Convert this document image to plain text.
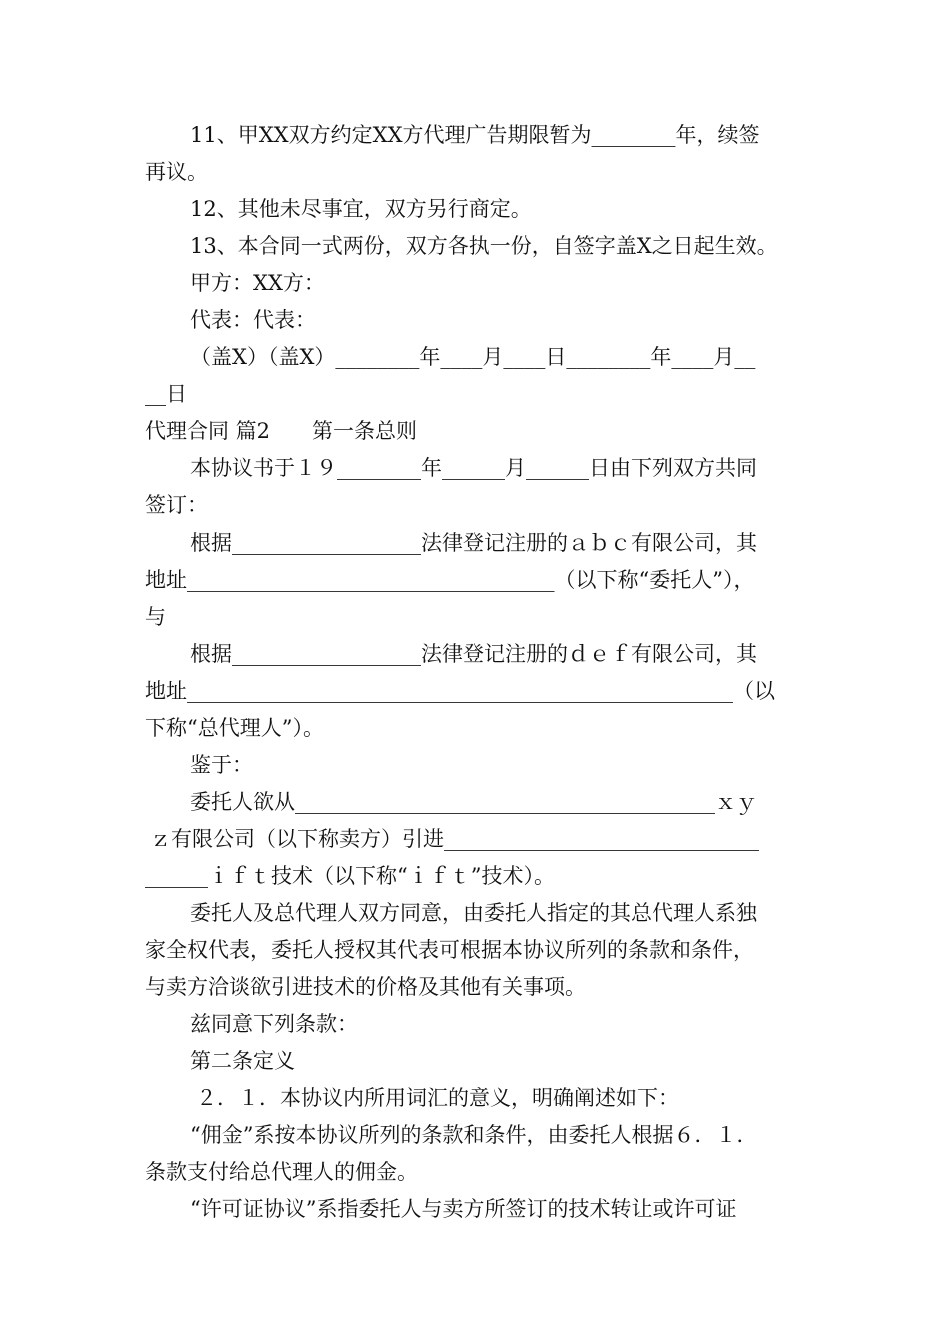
11、甲XX双方约定XX方代理广告期限暂为________年，续签

再议。

12、其他未尽事宜，双方另行商定。

13、本合同一式两份，双方各执一份，自签字盖X之日起生效。

甲方：XX方：

代表：代表：

（盖X）（盖X）________年____月____日________年____月__

__日

代理合同 篇2　　第一条总则

本协议书于１９________年______月______日由下列双方共同

签订：

根据__________________法律登记注册的ａｂｃ有限公司，其

地址___________________________________（以下称“委托人”），

与

根据__________________法律登记注册的ｄｅｆ有限公司，其

地址____________________________________________________（以

下称“总代理人”）。

鉴于：

委托人欲从________________________________________ｘｙ

ｚ有限公司（以下称卖方）引进______________________________

______ｉｆｔ技术（以下称“ｉｆｔ”技术）。

委托人及总代理人双方同意，由委托人指定的其总代理人系独

家全权代表，委托人授权其代表可根据本协议所列的条款和条件，

与卖方洽谈欲引进技术的价格及其他有关事项。

兹同意下列条款：

第二条定义

２．１．本协议内所用词汇的意义，明确阐述如下：

“佣金”系按本协议所列的条款和条件，由委托人根据６．１．

条款支付给总代理人的佣金。

“许可证协议”系指委托人与卖方所签订的技术转让或许可证
